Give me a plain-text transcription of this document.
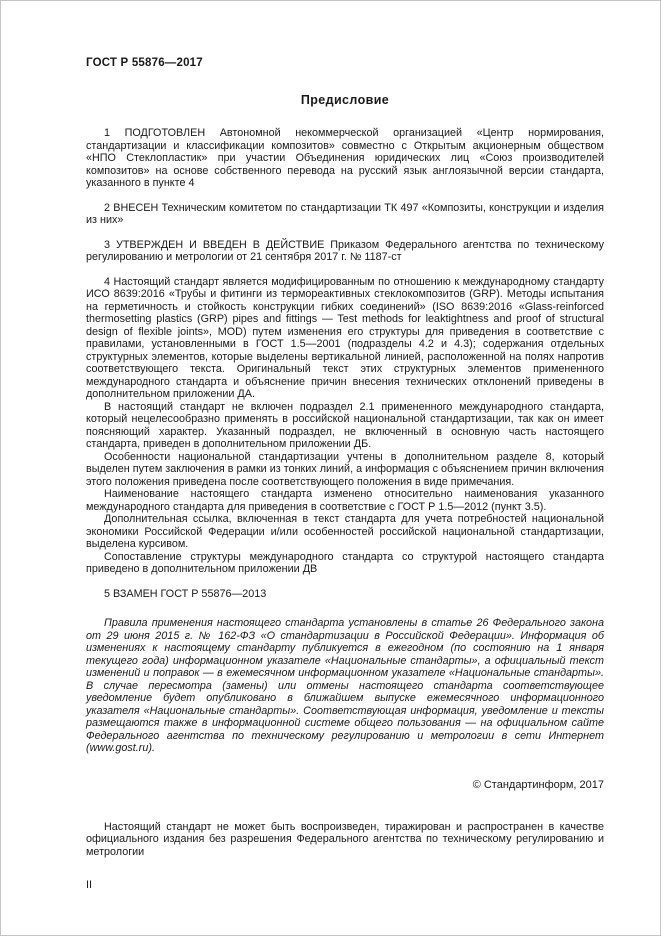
ГОСТ Р 55876—2017
Предисловие

1 ПОДГОТОВЛЕН Автономной некоммерческой организацией «Центр нормирования, стандартизации и классификации композитов» совместно с Открытым акционерным обществом «НПО Стеклопластик» при участии Объединения юридических лиц «Союз производителей композитов» на основе собственного перевода на русский язык англоязычной версии стандарта, указанного в пункте 4

2 ВНЕСЕН Техническим комитетом по стандартизации ТК 497 «Композиты, конструкции и изделия из них»

3 УТВЕРЖДЕН И ВВЕДЕН В ДЕЙСТВИЕ Приказом Федерального агентства по техническому регулированию и метрологии от 21 сентября 2017 г. № 1187-ст

4 Настоящий стандарт является модифицированным по отношению к международному стандарту ИСО 8639:2016 «Трубы и фитинги из термореактивных стеклокомпозитов (GRP). Методы испытания на герметичность и стойкость конструкции гибких соединений» (ISO 8639:2016 «Glass-reinforced thermosetting plastics (GRP) pipes and fittings — Test methods for leaktightness and proof of structural design of flexible joints», MOD) путем изменения его структуры для приведения в соответствие с правилами, установленными в ГОСТ 1.5—2001 (подразделы 4.2 и 4.3); содержания отдельных структурных элементов, которые выделены вертикальной линией, расположенной на полях напротив соответствующего текста. Оригинальный текст этих структурных элементов примененного международного стандарта и объяснение причин внесения технических отклонений приведены в дополнительном приложении ДА.

В настоящий стандарт не включен подраздел 2.1 примененного международного стандарта, который нецелесообразно применять в российской национальной стандартизации, так как он имеет поясняющий характер. Указанный подраздел, не включенный в основную часть настоящего стандарта, приведен в дополнительном приложении ДБ.

Особенности национальной стандартизации учтены в дополнительном разделе 8, который выделен путем заключения в рамки из тонких линий, а информация с объяснением причин включения этого положения приведена после соответствующего положения в виде примечания.

Наименование настоящего стандарта изменено относительно наименования указанного международного стандарта для приведения в соответствие с ГОСТ Р 1.5—2012 (пункт 3.5).

Дополнительная ссылка, включенная в текст стандарта для учета потребностей национальной экономики Российской Федерации и/или особенностей российской национальной стандартизации, выделена курсивом.

Сопоставление структуры международного стандарта со структурой настоящего стандарта приведено в дополнительном приложении ДВ

5 ВЗАМЕН ГОСТ Р 55876—2013

Правила применения настоящего стандарта установлены в статье 26 Федерального закона от 29 июня 2015 г. № 162-ФЗ «О стандартизации в Российской Федерации». Информация об изменениях к настоящему стандарту публикуется в ежегодном (по состоянию на 1 января текущего года) информационном указателе «Национальные стандарты», а официальный текст изменений и поправок — в ежемесячном информационном указателе «Национальные стандарты». В случае пересмотра (замены) или отмены настоящего стандарта соответствующее уведомление будет опубликовано в ближайшем выпуске ежемесячного информационного указателя «Национальные стандарты». Соответствующая информация, уведомление и тексты размещаются также в информационной системе общего пользования — на официальном сайте Федерального агентства по техническому регулированию и метрологии в сети Интернет (www.gost.ru).

© Стандартинформ, 2017

Настоящий стандарт не может быть воспроизведен, тиражирован и распространен в качестве официального издания без разрешения Федерального агентства по техническому регулированию и метрологии

II
